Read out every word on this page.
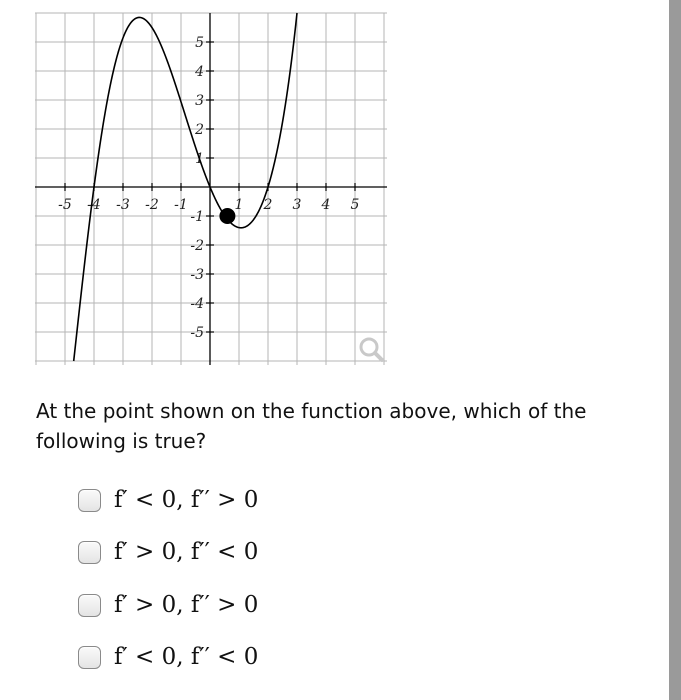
-5 -4 -3 -2 -1	1 2 3 4 5
-5
-4
-3
-2
-1
1
2
3
4
5
At the point shown on the function above, which of the following is true?
f′ < 0, f′′ > 0
f′ > 0, f′′ < 0
f′ > 0, f′′ > 0
f′ < 0, f′′ < 0
